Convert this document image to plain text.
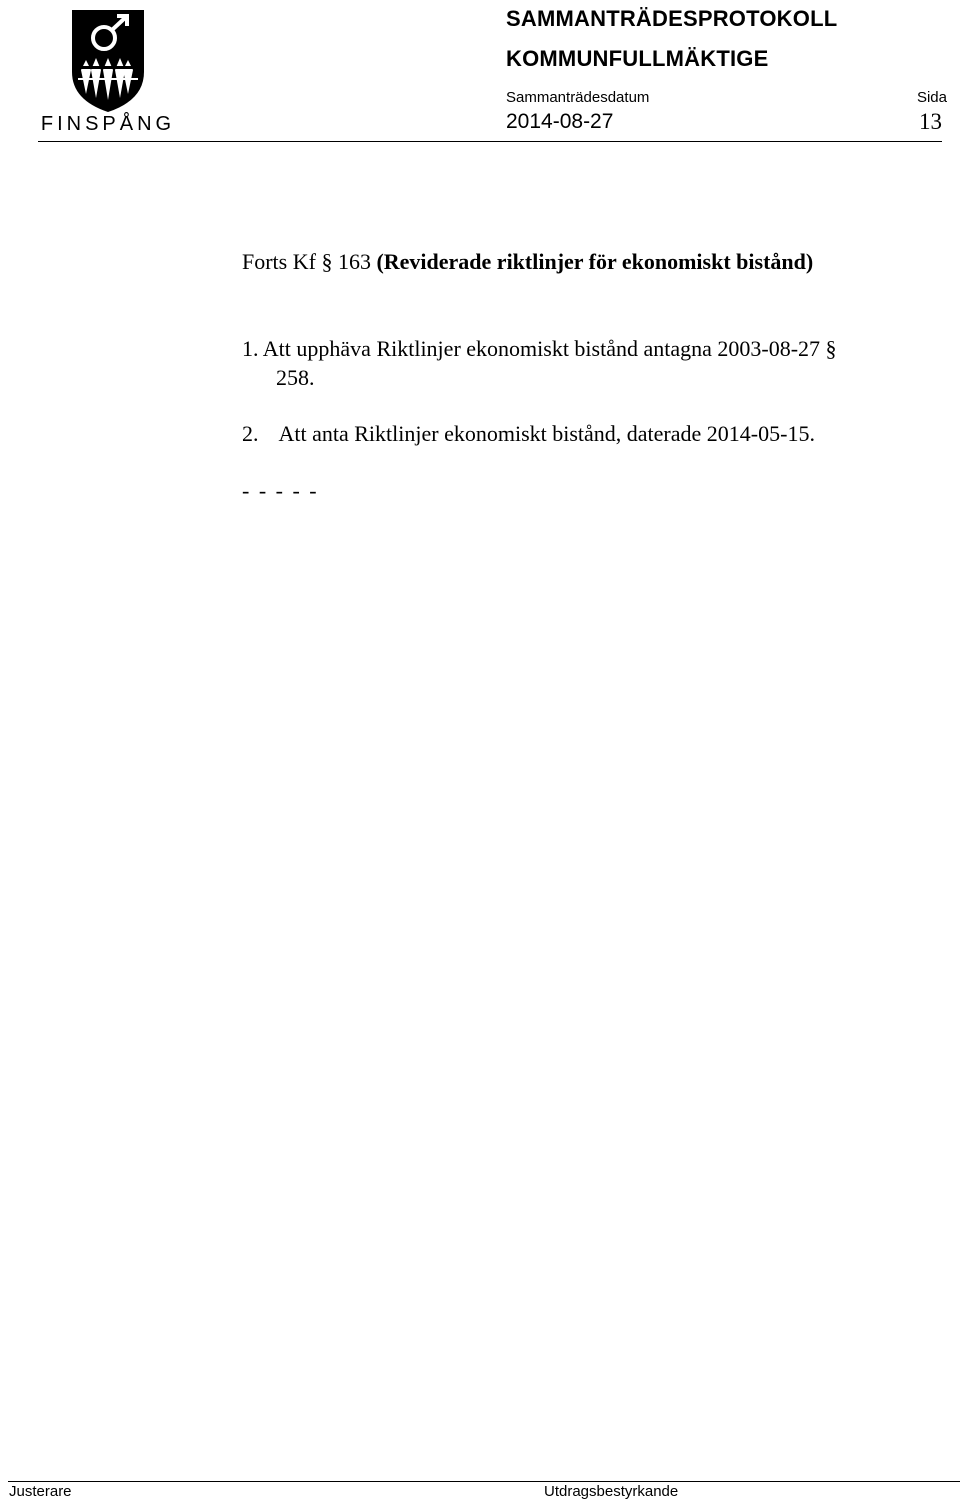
FINSPÅNG
SAMMANTRÄDESPROTOKOLL
KOMMUNFULLMÄKTIGE
Sammanträdesdatum	Sida
2014-08-27	13
Forts Kf § 163 (Reviderade riktlinjer för ekonomiskt bistånd)
1. Att upphäva Riktlinjer ekonomiskt bistånd antagna 2003-08-27 §
258.
2. Att anta Riktlinjer ekonomiskt bistånd, daterade 2014-05-15.
- - - - -
Justerare	Utdragsbestyrkande
